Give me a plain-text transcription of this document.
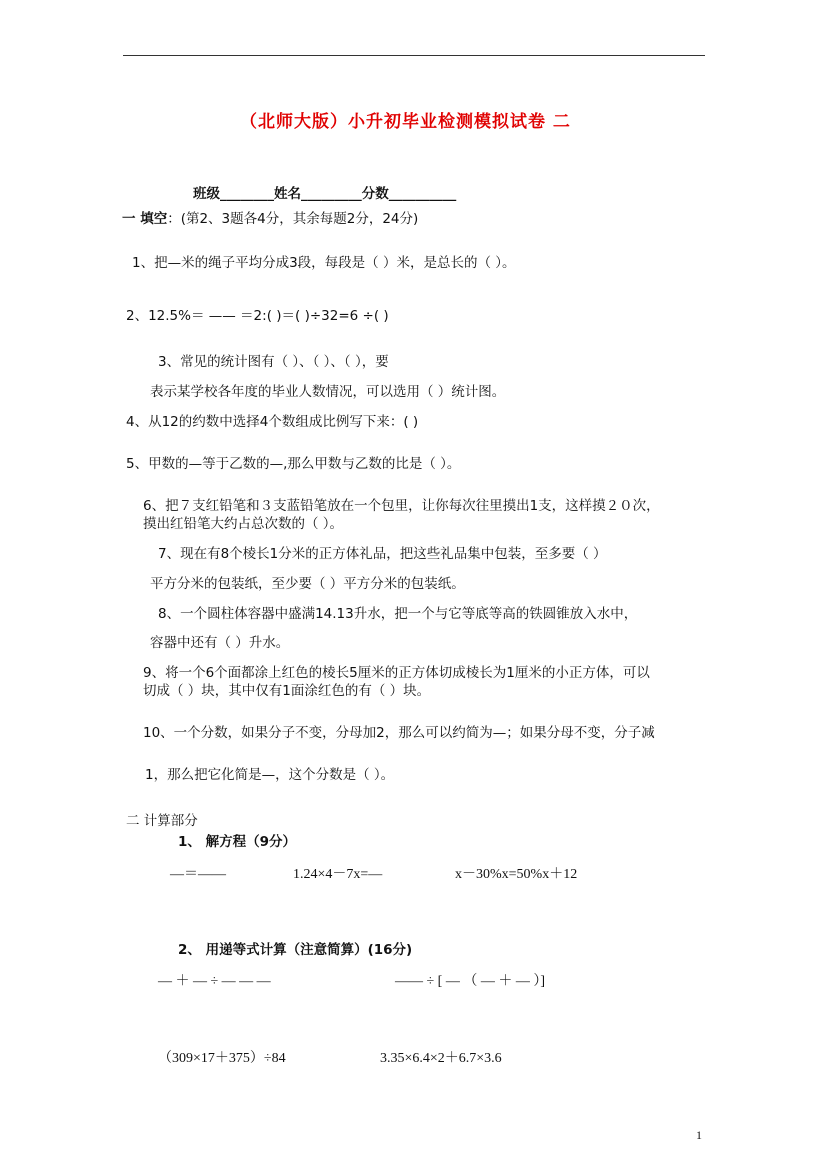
（北师大版）小升初毕业检测模拟试卷 二
班级________姓名_________分数__________
一 填空：(第2、3题各4分，其余每题2分，24分)
1、把—米的绳子平均分成3段，每段是（ ）米，是总长的（ ）。
2、12.5%＝ —— ＝2:( )＝( )÷32=6 ÷( )
3、常见的统计图有（ ）、（ ）、（ ），要
表示某学校各年度的毕业人数情况，可以选用（ ）统计图。
4、从12的约数中选择4个数组成比例写下来：( )
5、甲数的—等于乙数的—,那么甲数与乙数的比是（ ）。
6、把７支红铅笔和３支蓝铅笔放在一个包里，让你每次往里摸出1支，这样摸２０次，
摸出红铅笔大约占总次数的（ ）。
7、现在有8个棱长1分米的正方体礼品，把这些礼品集中包装，至多要（ ）
平方分米的包装纸，至少要（ ）平方分米的包装纸。
8、一个圆柱体容器中盛满14.13升水，把一个与它等底等高的铁圆锥放入水中，
容器中还有（ ）升水。
9、将一个6个面都涂上红色的棱长5厘米的正方体切成棱长为1厘米的小正方体，可以
切成（ ）块，其中仅有1面涂红色的有（ ）块。
10、一个分数，如果分子不变，分母加2，那么可以约简为—；如果分母不变，分子减
1，那么把它化简是—，这个分数是（ ）。
二 计算部分
1、 解方程（9分）
—＝——	1.24×4－7x=—	x－30%x=50%x＋12
2、 用递等式计算（注意简算）(16分)
— ＋ — ÷ — — —	—— ÷ [ — （ — ＋ — ）]
（309×17＋375）÷84	3.35×6.4×2＋6.7×3.6
1
